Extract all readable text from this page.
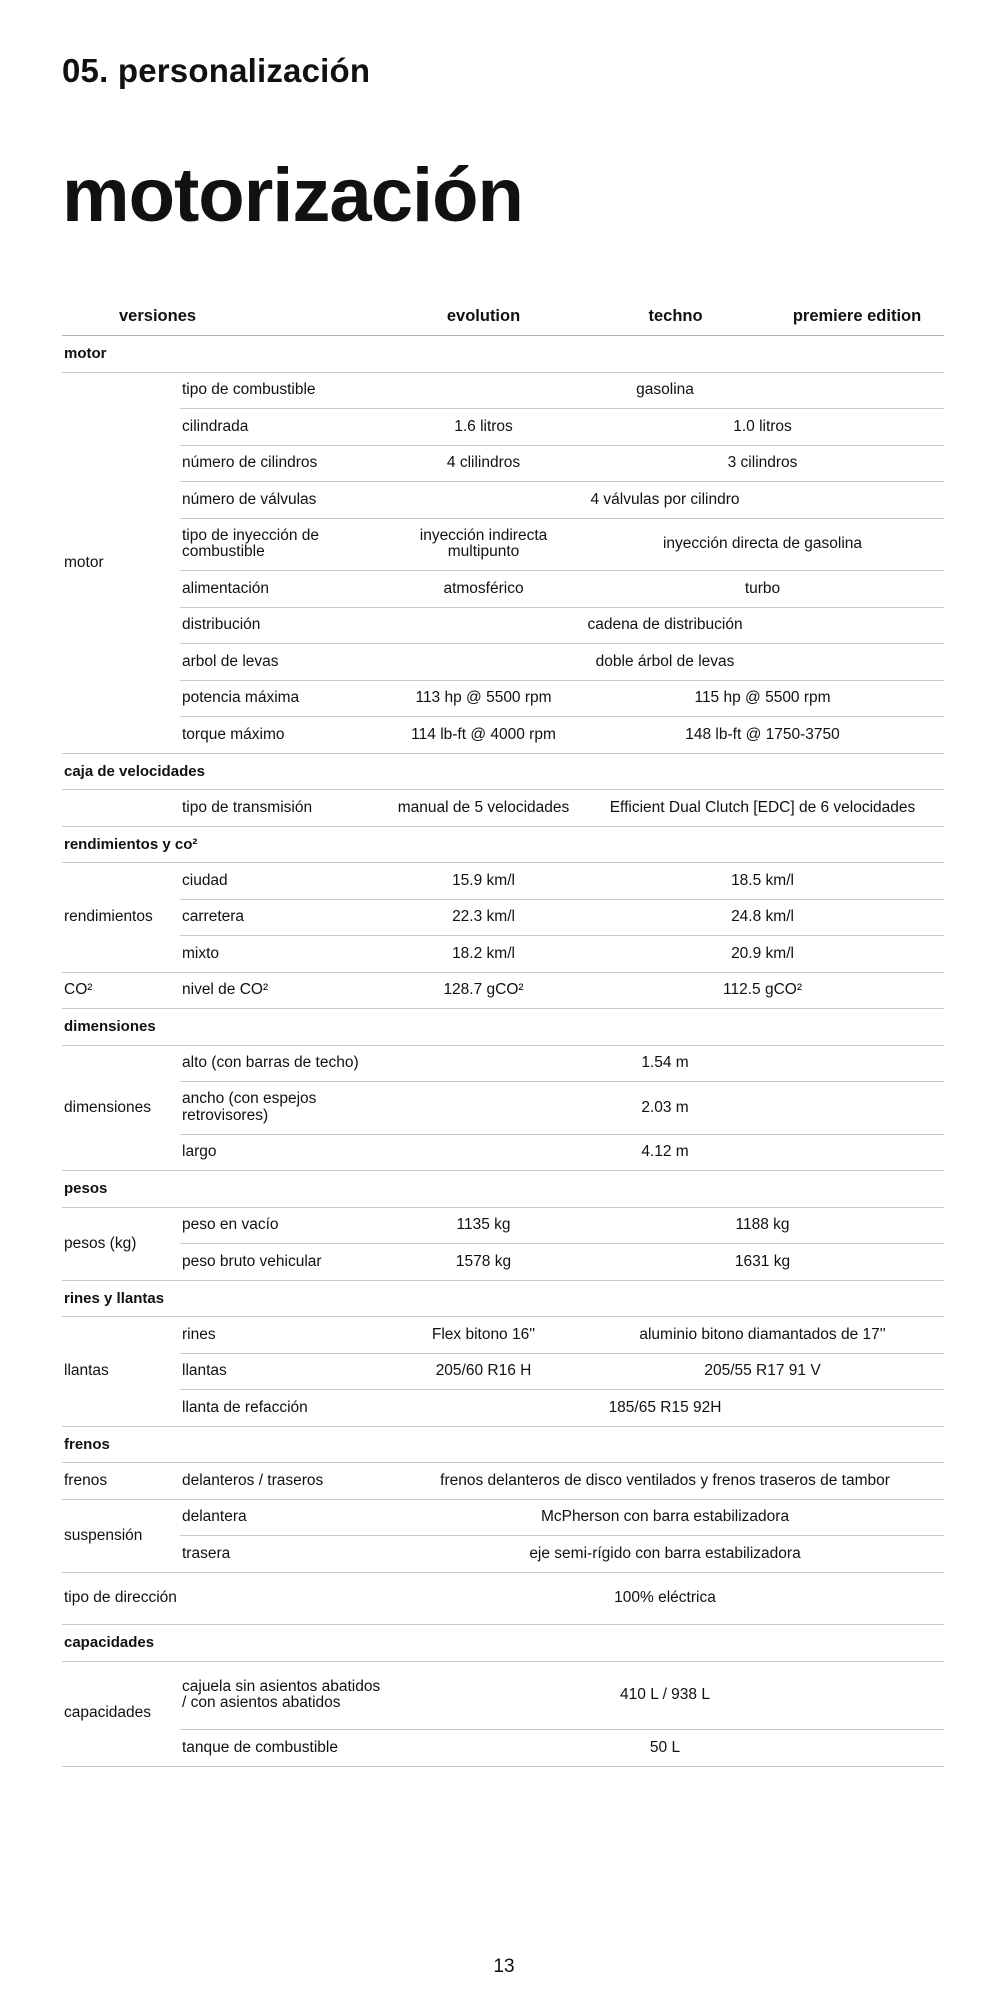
05. personalización
motorización
versiones		evolution	techno	premiere edition
motor				
motor	tipo de combustible	gasolina		
	cilindrada	1.6 litros	1.0 litros	
	número de cilindros	4 clilindros	3 cilindros	
	número de válvulas	4 válvulas por cilindro		
	tipo de inyección de combustible	inyección indirecta multipunto	inyección directa de gasolina	
	alimentación	atmosférico	turbo	
	distribución	cadena de distribución		
	arbol de levas	doble árbol de levas		
	potencia máxima	113 hp @ 5500 rpm	115 hp @ 5500 rpm	
	torque máximo	114 lb-ft @ 4000 rpm	148 lb-ft @ 1750-3750	
caja de velocidades				
	tipo de transmisión	manual de 5 velocidades	Efficient Dual Clutch [EDC] de 6 velocidades	
rendimientos y co²				
rendimientos	ciudad	15.9 km/l	18.5 km/l	
	carretera	22.3 km/l	24.8 km/l	
	mixto	18.2 km/l	20.9 km/l	
CO²	nivel de CO²	128.7 gCO²	112.5 gCO²	
dimensiones				
dimensiones	alto (con barras de techo)	1.54 m		
	ancho (con espejos retrovisores)	2.03 m		
	largo	4.12 m		
pesos				
pesos (kg)	peso en vacío	1135 kg	1188 kg	
	peso bruto vehicular	1578 kg	1631 kg	
rines y llantas				
llantas	rines	Flex bitono 16''	aluminio bitono diamantados de 17''	
	llantas	205/60 R16 H	205/55 R17 91 V	
	llanta de refacción	185/65 R15 92H		
frenos				
frenos	delanteros / traseros	frenos delanteros de disco ventilados y frenos traseros de tambor		
suspensión	delantera	McPherson con barra estabilizadora		
	trasera	eje semi-rígido con barra estabilizadora		
tipo de dirección		100% eléctrica		
capacidades				
capacidades	cajuela sin asientos abatidos / con asientos abatidos	410 L / 938 L		
	tanque de combustible	50 L		

13
